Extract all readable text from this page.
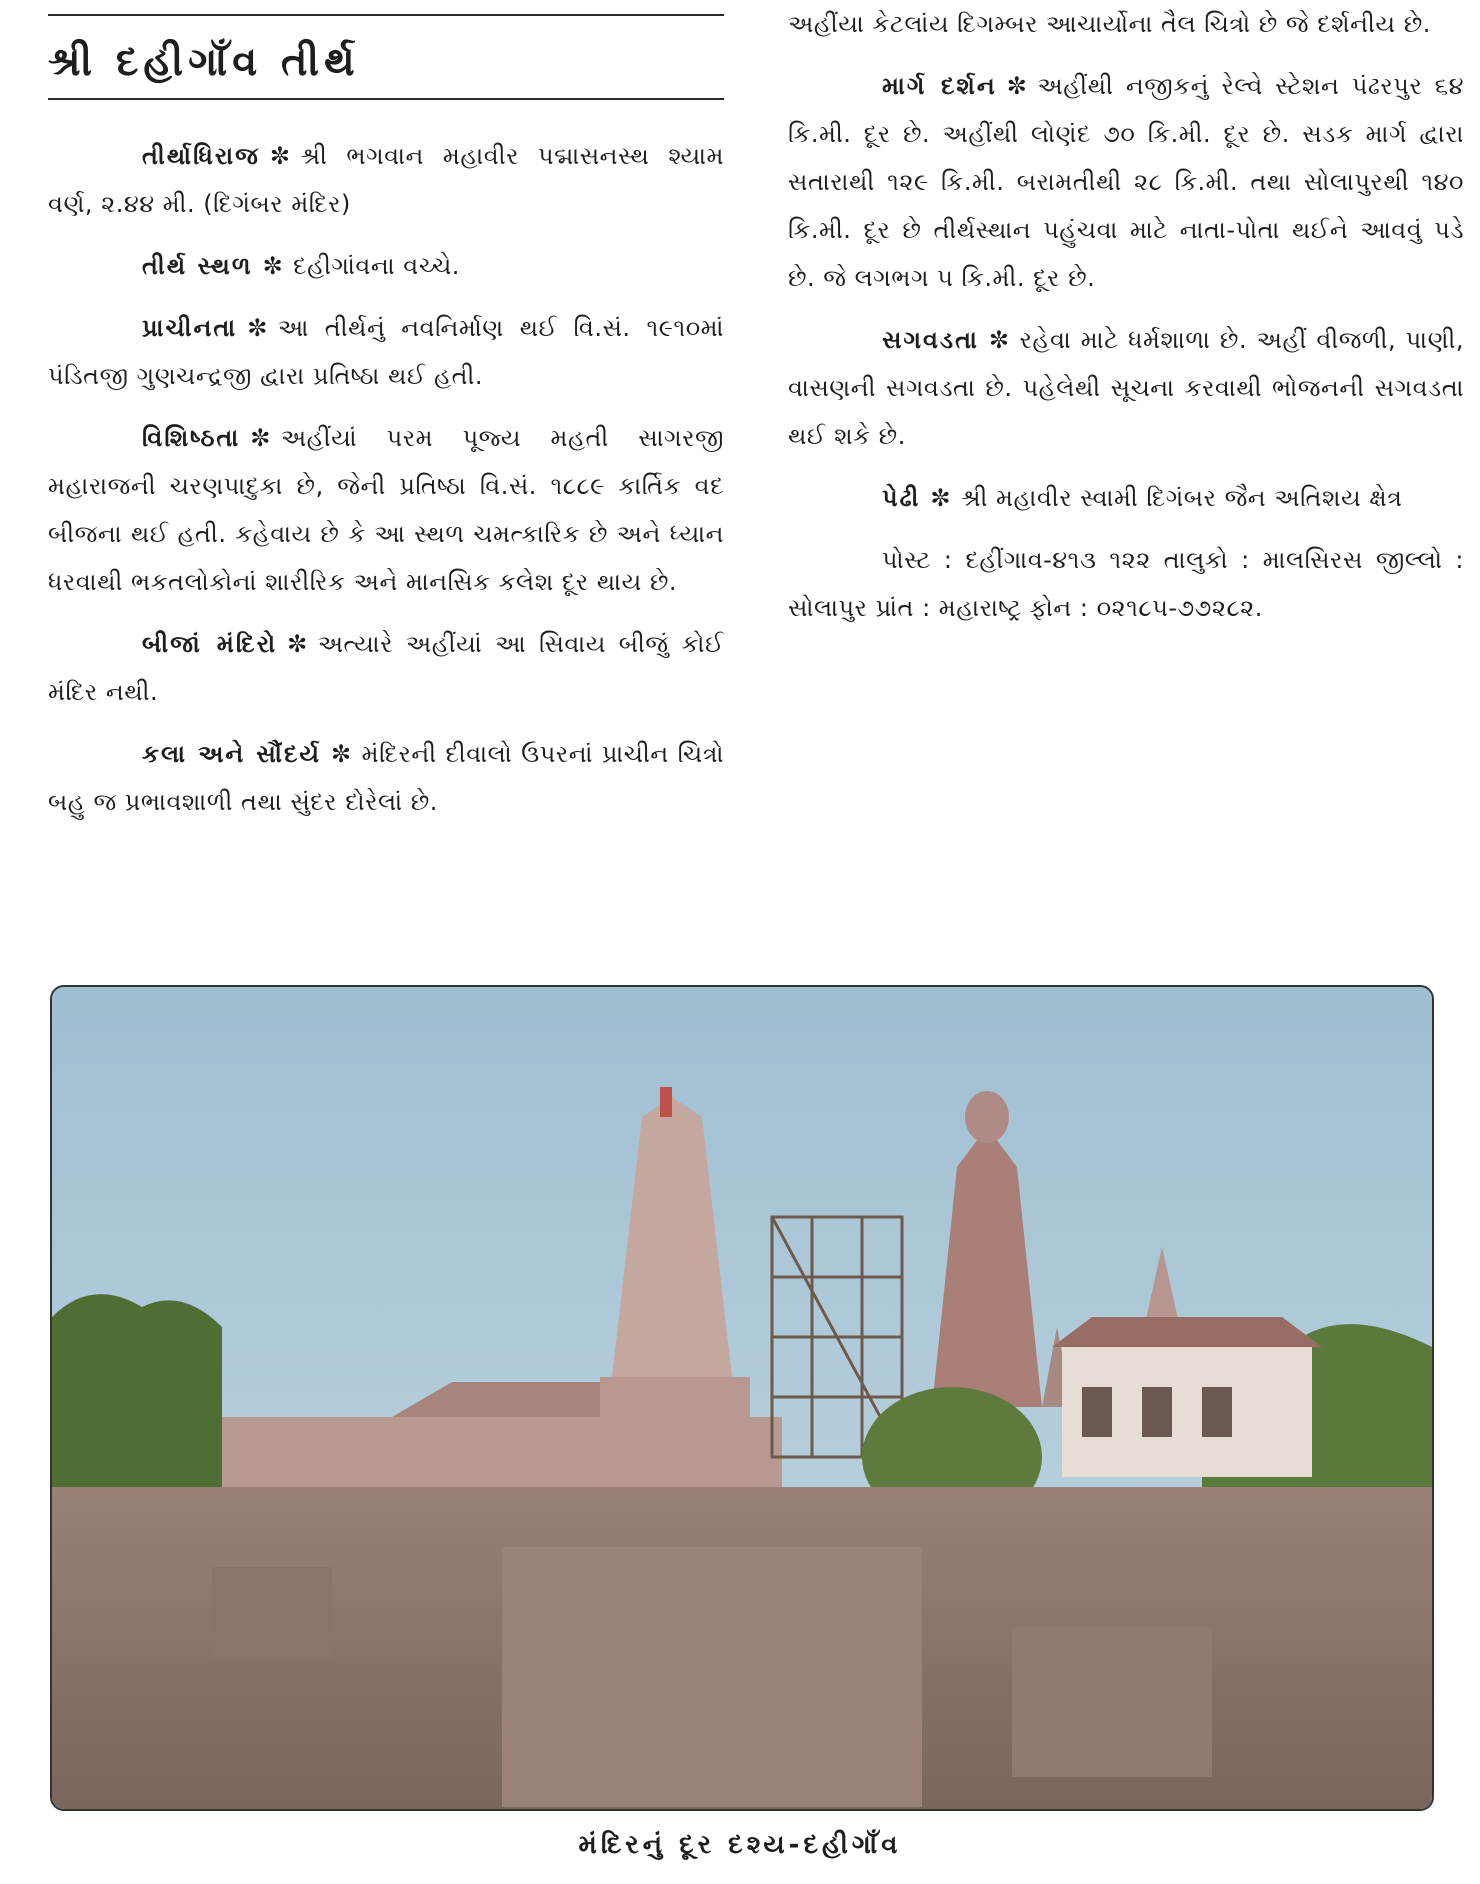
શ્રી દહીગાઁવ તીર્થ

તીર્થાધિરાજ ✼ શ્રી ભગવાન મહાવીર પદ્માસનસ્થ શ્યામ વર્ણ, ૨.૪૪ મી. (દિગંબર મંદિર)

તીર્થ સ્થળ ✼ દહીગાંવના વચ્ચે.

પ્રાચીનતા ✼ આ તીર્થનું નવનિર્માણ થઈ વિ.સં. ૧૯૧૦માં પંડિતજી ગુણચન્દ્રજી દ્વારા પ્રતિષ્ઠા થઈ હતી.

વિશિષ્ઠતા ✼ અહીંયાં પરમ પૂજ્ય મહતી સાગરજી મહારાજની ચરણપાદુકા છે, જેની પ્રતિષ્ઠા વિ.સં. ૧૮૮૯ કાર્તિક વદ બીજના થઈ હતી. કહેવાય છે કે આ સ્થળ ચમત્કારિક છે અને ધ્યાન ધરવાથી ભકતલોકોનાં શારીરિક અને માનસિક કલેશ દૂર થાય છે.

બીજાં મંદિરો ✼ અત્યારે અહીંયાં આ સિવાય બીજું કોઈ મંદિર નથી.

કલા અને સૌંદર્ય ✼ મંદિરની દીવાલો ઉપરનાં પ્રાચીન ચિત્રો બહુ જ પ્રભાવશાળી તથા સુંદર દોરેલાં છે.

અહીંયા કેટલાંય દિગમ્બર આચાર્યોના તૈલ ચિત્રો છે જે દર્શનીય છે.

માર્ગ દર્શન ✼ અહીંથી નજીકનું રેલ્વે સ્ટેશન પંઢરપુર ૬૪ કિ.મી. દૂર છે. અહીંથી લોણંદ ૭૦ કિ.મી. દૂર છે. સડક માર્ગ દ્વારા સતારાથી ૧૨૯ કિ.મી. બરામતીથી ૨૮ કિ.મી. તથા સોલાપુરથી ૧૪૦ કિ.મી. દૂર છે તીર્થસ્થાન પહુંચવા માટે નાતા-પોતા થઈને આવવું પડે છે. જે લગભગ ૫ કિ.મી. દૂર છે.

સગવડતા ✼ રહેવા માટે ધર્મશાળા છે. અહીં વીજળી, પાણી, વાસણની સગવડતા છે. પહેલેથી સૂચના કરવાથી ભોજનની સગવડતા થઈ શકે છે.

પેઢી ✼ શ્રી મહાવીર સ્વામી દિગંબર જૈન અતિશય ક્ષેત્ર

પોસ્ટ : દહીંગાવ-૪૧૩ ૧૨૨ તાલુકો : માલસિરસ જીલ્લો : સોલાપુર પ્રાંત : મહારાષ્ટ્ર ફોન : ૦૨૧૮૫-૭૭૨૮૨.

મંદિરનું દૂર દશ્ય-દહીગાઁવ
